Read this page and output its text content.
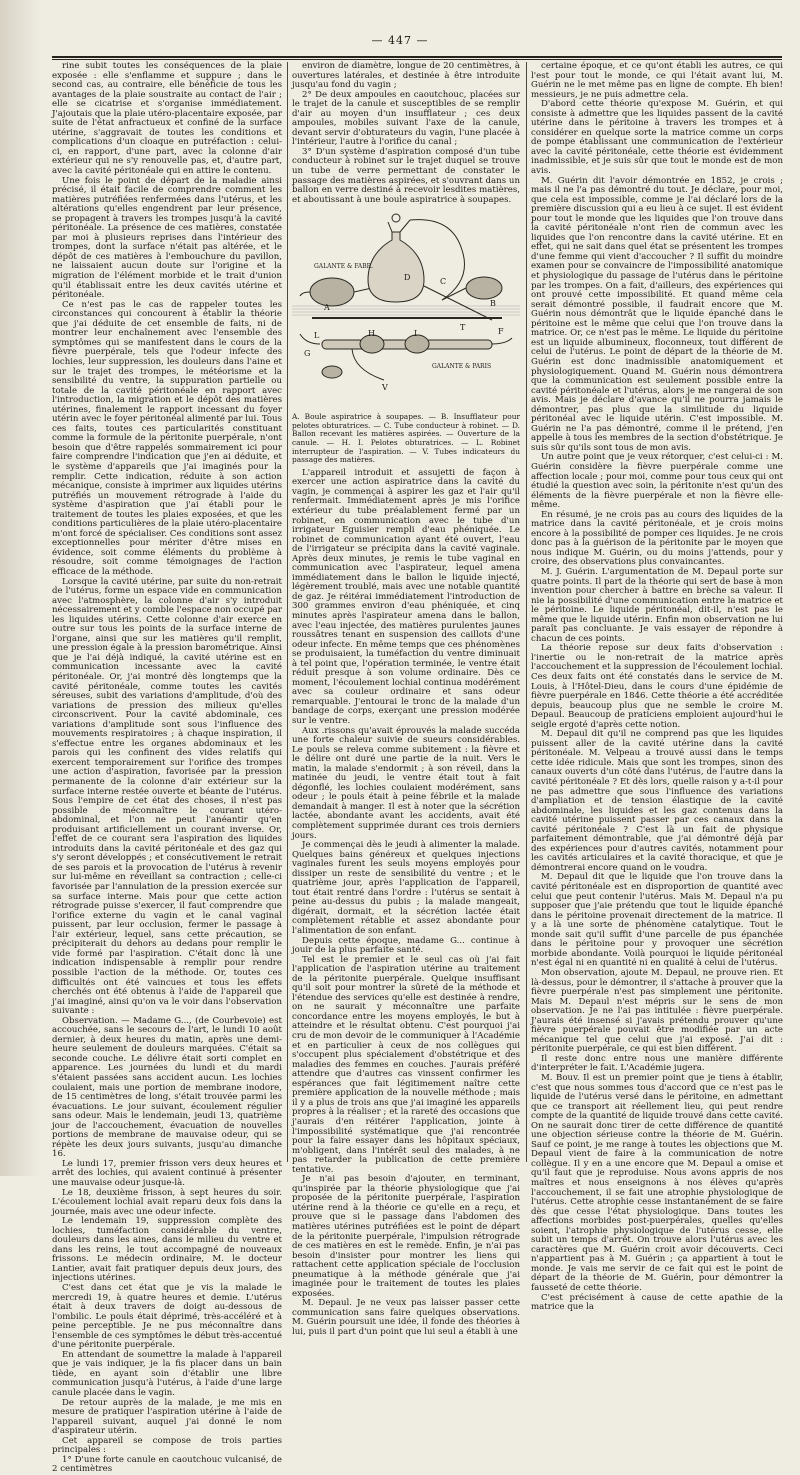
— 447 —

rine subit toutes les conséquences de la plaie exposée : elle s'enflamme et suppure ; dans le second cas, au contraire, elle bénéficie de tous les avantages de la plaie soustraite au contact de l'air ; elle se cicatrise et s'organise immédiatement. J'ajoutais que la plaie utéro-placentaire exposée, par suite de l'état anfractueux et confiné de la surface utérine, s'aggravait de toutes les conditions et complications d'un cloaque en putréfaction : celui-ci, en rapport, d'une part, avec la colonne d'air extérieur qui ne s'y renouvelle pas, et, d'autre part, avec la cavité péritonéale qui en attire le contenu.

Une fois le point de départ de la maladie ainsi précisé, il était facile de comprendre comment les matières putréfiées renfermées dans l'utérus, et les altérations qu'elles engendrent par leur présence, se propagent à travers les trompes jusqu'à la cavité péritonéale. La présence de ces matières, constatée par moi à plusieurs reprises dans l'intérieur des trompes, dont la surface n'était pas altérée, et le dépôt de ces matières à l'embouchure du pavillon, ne laissaient aucun doute sur l'origine et la migration de l'élément morbide et le trait d'union qu'il établissait entre les deux cavités utérine et péritonéale.

Ce n'est pas le cas de rappeler toutes les circonstances qui concourent à établir la théorie que j'ai déduite de cet ensemble de faits, ni de montrer leur enchaînement avec l'ensemble des symptômes qui se manifestent dans le cours de la fièvre puerpérale, tels que l'odeur infecte des lochies, leur suppression, les douleurs dans l'aine et sur le trajet des trompes, le météorisme et la sensibilité du ventre, la suppuration partielle ou totale de la cavité péritonéale en rapport avec l'introduction, la migration et le dépôt des matières utérines, finalement le rapport incessant du foyer utérin avec le foyer péritonéal alimenté par lui. Tous ces faits, toutes ces particularités constituant comme la formule de la péritonite puerpérale, n'ont besoin que d'être rappelés sommairement ici pour faire comprendre l'indication que j'en ai déduite, et le système d'appareils que j'ai imaginés pour la remplir. Cette indication, réduite à son action mécanique, consiste à imprimer aux liquides utérins putréfiés un mouvement rétrograde à l'aide du système d'aspiration que j'ai établi pour le traitement de toutes les plaies exposées, et que les conditions particulières de la plaie utéro-placentaire m'ont forcé de spécialiser. Ces conditions sont assez exceptionnelles pour mériter d'être mises en évidence, soit comme éléments du problème à résoudre, soit comme témoignages de l'action efficace de la méthode.

Lorsque la cavité utérine, par suite du non-retrait de l'utérus, forme un espace vide en communication avec l'atmosphère, la colonne d'air s'y introduit nécessairement et y comble l'espace non occupé par les liquides utérins. Cette colonne d'air exerce en outre sur tous les points de la surface interne de l'organe, ainsi que sur les matières qu'il remplit, une pression égale à la pression barométrique. Ainsi que je l'ai déjà indiqué, la cavité utérine est en communication incessante avec la cavité péritonéale. Or, j'ai montré dès longtemps que la cavité péritonéale, comme toutes les cavités séreuses, subit des variations d'amplitude, d'où des variations de pression des milieux qu'elles circonscrivent. Pour la cavité abdominale, ces variations d'amplitude sont sous l'influence des mouvements respiratoires ; à chaque inspiration, il s'effectue entre les organes abdominaux et les parois qui les confinent des vides relatifs qui exercent temporairement sur l'orifice des trompes une action d'aspiration, favorisée par la pression permanente de la colonne d'air extérieur sur la surface interne restée ouverte et béante de l'utérus. Sous l'empire de cet état des choses, il n'est pas possible de méconnaître le courant utéro-abdominal, et l'on ne peut l'anéantir qu'en produisant artificiellement un courant inverse. Or, l'effet de ce courant sera l'aspiration des liquides introduits dans la cavité péritonéale et des gaz qui s'y seront développés ; et consécutivement le retrait de ses parois et la provocation de l'utérus à revenir sur lui-même en réveillant sa contraction ; celle-ci favorisée par l'annulation de la pression exercée sur sa surface interne. Mais pour que cette action rétrograde puisse s'exercer, il faut comprendre que l'orifice externe du vagin et le canal vaginal puissent, par leur occlusion, fermer le passage à l'air extérieur, lequel, sans cette précaution, se précipiterait du dehors au dedans pour remplir le vide formé par l'aspiration. C'était donc là une indication indispensable à remplir pour rendre possible l'action de la méthode. Or, toutes ces difficultés ont été vaincues et tous les effets cherchés ont été obtenus à l'aide de l'appareil que j'ai imaginé, ainsi qu'on va le voir dans l'observation suivante :

Observation. — Madame G..., (de Courbevoie) est accouchée, sans le secours de l'art, le lundi 10 août dernier, à deux heures du matin, après une demi-heure seulement de douleurs marquées. C'était sa seconde couche. Le délivre était sorti complet en apparence. Les journées du lundi et du mardi s'étaient passées sans accident aucun. Les lochies coulaient, mais une portion de membrane inodore, de 15 centimètres de long, s'était trouvée parmi les évacuations. Le jour suivant, écoulement régulier sans odeur. Mais le lendemain, jeudi 13, quatrième jour de l'accouchement, évacuation de nouvelles portions de membrane de mauvaise odeur, qui se répète les deux jours suivants, jusqu'au dimanche 16.

Le lundi 17, premier frisson vers deux heures et arrêt des lochies, qui avaient continué à présenter une mauvaise odeur jusque-là.

Le 18, deuxième frisson, à sept heures du soir. L'écoulement lochial avait reparu deux fois dans la journée, mais avec une odeur infecte.

Le lendemain 19, suppression complète des lochies, tuméfaction considérable du ventre, douleurs dans les aines, dans le milieu du ventre et dans les reins, le tout accompagné de nouveaux frissons. Le médecin ordinaire, M. le docteur Lantier, avait fait pratiquer depuis deux jours, des injections utérines.

C'est dans cet état que je vis la malade le mercredi 19, à quatre heures et demie. L'utérus était à deux travers de doigt au-dessous de l'ombilic. Le pouls était déprimé, très-accéléré et à peine perceptible. Je ne pus méconnaître dans l'ensemble de ces symptômes le début très-accentué d'une péritonite puerpérale.

En attendant de soumettre la malade à l'appareil que je vais indiquer, je la fis placer dans un bain tiède, en ayant soin d'établir une libre communication jusqu'à l'utérus, à l'aide d'une large canule placée dans le vagin.

De retour auprès de la malade, je me mis en mesure de pratiquer l'aspiration utérine à l'aide de l'appareil suivant, auquel j'ai donné le nom d'aspirateur utérin.

Cet appareil se compose de trois parties principales :

1° D'une forte canule en caoutchouc vulcanisé, de 2 centimètres

environ de diamètre, longue de 20 centimètres, à ouvertures latérales, et destinée à être introduite jusqu'au fond du vagin ;

2° De deux ampoules en caoutchouc, placées sur le trajet de la canule et susceptibles de se remplir d'air au moyen d'un insufflateur ; ces deux ampoules, mobiles suivant l'axe de la canule, devant servir d'obturateurs du vagin, l'une placée à l'intérieur, l'autre à l'orifice du canal ;

3° D'un système d'aspiration composé d'un tube conducteur à robinet sur le trajet duquel se trouve un tube de verre permettant de constater le passage des matières aspirées, et s'ouvrant dans un ballon en verre destiné à recevoir lesdites matières, et aboutissant à une boule aspiratrice à soupapes.

GALANTE & FABR.
GALANTE & PARIS
A	B
C
D
H	I
L	F
G
V
T

A. Boule aspiratrice à soupapes. — B. Insufflateur pour pelotes obturatrices. — C. Tube conducteur à robinet. — D. Ballon recevant les matières aspirées. — Ouverture de la canule. — H. I. Pelotes obturatrices. — L. Robinet interrupteur de l'aspiration. — V. Tubes indicateurs du passage des matières.

L'appareil introduit et assujetti de façon à exercer une action aspiratrice dans la cavité du vagin, je commençai à aspirer les gaz et l'air qu'il renfermait. Immédiatement après je mis l'orifice extérieur du tube préalablement fermé par un robinet, en communication avec le tube d'un irrigateur Eguisier rempli d'eau phéniquée. Le robinet de communication ayant été ouvert, l'eau de l'irrigateur se précipita dans la cavité vaginale. Après deux minutes, je remis le tube vaginal en communication avec l'aspirateur, lequel amena immédiatement dans le ballon le liquide injecté, légèrement troublé, mais avec une notable quantité de gaz. Je réitérai immédiatement l'introduction de 300 grammes environ d'eau phéniquée, et cinq minutes après l'aspirateur amena dans le ballon, avec l'eau injectée, des matières purulentes jaunes roussâtres tenant en suspension des caillots d'une odeur infecte. En même temps que ces phénomènes se produisaient, la tuméfaction du ventre diminuait à tel point que, l'opération terminée, le ventre était réduit presque à son volume ordinaire. Dès ce moment, l'écoulement lochial continua modérément avec sa couleur ordinaire et sans odeur remarquable. J'entourai le tronc de la malade d'un bandage de corps, exerçant une pression modérée sur le ventre.

Aux .rissons qu'avait éprouvés la malade succéda une forte chaleur suivie de sueurs considérables. Le pouls se releva comme subitement : la fièvre et le délire ont duré une partie de la nuit. Vers le matin, la malade s'endormit ; à son réveil, dans la matinée du jeudi, le ventre était tout à fait dégonflé, les lochies coulaient modérément, sans odeur ; le pouls était à peine fébrile et la malade demandait à manger. Il est à noter que la sécrétion lactée, abondante avant les accidents, avait été complètement supprimée durant ces trois derniers jours.

Je commençai dès le jeudi à alimenter la malade. Quelques bains généreux et quelques injections vaginales furent les seuls moyens employés pour dissiper un reste de sensibilité du ventre ; et le quatrième jour, après l'application de l'appareil, tout était rentré dans l'ordre : l'utérus se sentait à peine au-dessus du pubis ; la malade mangeait, digérait, dormait, et la sécrétion lactée était complètement rétablie et assez abondante pour l'alimentation de son enfant.

Depuis cette époque, madame G... continue à jouir de la plus parfaite santé.

Tel est le premier et le seul cas où j'ai fait l'application de l'aspiration utérine au traitement de la péritonite puerpérale. Quelque insuffisant qu'il soit pour montrer la sûreté de la méthode et l'étendue des services qu'elle est destinée à rendre, on ne saurait y méconnaître une parfaite concordance entre les moyens employés, le but à atteindre et le résultat obtenu. C'est pourquoi j'ai cru de mon devoir de le communiquer à l'Académie et en particulier à ceux de nos collègues qui s'occupent plus spécialement d'obstétrique et des maladies des femmes en couches. J'aurais préféré attendre que d'autres cas vinssent confirmer les espérances que fait légitimement naître cette première application de la nouvelle méthode ; mais il y a plus de trois ans que j'ai imaginé les appareils propres à la réaliser ; et la rareté des occasions que j'aurais d'en réitérer l'application, jointe à l'impossibilité systématique que j'ai rencontrée pour la faire essayer dans les hôpitaux spéciaux, m'obligent, dans l'intérêt seul des malades, à ne pas retarder la publication de cette première tentative.

Je n'ai pas besoin d'ajouter, en terminant, qu'inspirée par la théorie physiologique que j'ai proposée de la péritonite puerpérale, l'aspiration utérine rend à la théorie ce qu'elle en a reçu, et prouve que si le passage dans l'abdomen des matières utérines putréfiées est le point de départ de la péritonite puerpérale, l'impulsion rétrograde de ces matières en est le remède. Enfin, je n'ai pas besoin d'insister pour montrer les liens qui rattachent cette application spéciale de l'occlusion pneumatique à la méthode générale que j'ai imaginée pour le traitement de toutes les plaies exposées.

M. Depaul. Je ne veux pas laisser passer cette communication sans faire quelques observations. M. Guérin poursuit une idée, il fonde des théories à lui, puis il part d'un point que lui seul a établi à une

certaine époque, et ce qu'ont établi les autres, ce qui l'est pour tout le monde, ce qui l'était avant lui, M. Guérin ne le met même pas en ligne de compte. Eh bien! messieurs, je ne puis admettre cela.

D'abord cette théorie qu'expose M. Guérin, et qui consiste à admettre que les liquides passent de la cavité utérine dans le péritoine à travers les trompes et à considérer en quelque sorte la matrice comme un corps de pompe établissant une communication de l'extérieur avec la cavité péritonéale, cette théorie est évidemment inadmissible, et je suis sûr que tout le monde est de mon avis.

M. Guérin dit l'avoir démontrée en 1852, je crois ; mais il ne l'a pas démontré du tout. Je déclare, pour moi, que cela est impossible, comme je l'ai déclaré lors de la première discussion qui a eu lieu à ce sujet. Il est évident pour tout le monde que les liquides que l'on trouve dans la cavité péritonéale n'ont rien de commun avec les liquides que l'on rencontre dans la cavité utérine. Et en effet, qui ne sait dans quel état se présentent les trompes d'une femme qui vient d'accoucher ? Il suffit du moindre examen pour se convaincre de l'impossibilité anatomique et physiologique du passage de l'utérus dans le péritoine par les trompes. On a fait, d'ailleurs, des expériences qui ont prouvé cette impossibilité. Et quand même cela serait démontré possible, il faudrait encore que M. Guérin nous démontrât que le liquide épanché dans le péritoine est le même que celui que l'on trouve dans la matrice. Or, ce n'est pas le même. Le liquide du péritoine est un liquide albumineux, floconneux, tout différent de celui de l'utérus. Le point de départ de la théorie de M. Guérin est donc inadmissible anatomiquement et physiologiquement. Quand M. Guérin nous démontrera que la communication est seulement possible entre la cavité péritonéale et l'utérus, alors je me rangerai de son avis. Mais je déclare d'avance qu'il ne pourra jamais le démontrer, pas plus que la similitude du liquide péritonéal avec le liquide utérin. C'est impossible. M. Guérin ne l'a pas démontré, comme il le prétend, j'en appelle à tous les membres de la section d'obstétrique. Je suis sûr qu'ils sont tous de mon avis.

Un autre point que je veux rétorquer, c'est celui-ci : M. Guérin considère la fièvre puerpérale comme une affection locale ; pour moi, comme pour tous ceux qui ont étudié la question avec soin, la péritonite n'est qu'un des éléments de la fièvre puerpérale et non la fièvre elle-même.

En résumé, je ne crois pas au cours des liquides de la matrice dans la cavité péritonéale, et je crois moins encore à la possibilité de pomper ces liquides. Je ne crois donc pas à la guérison de la péritonite par le moyen que nous indique M. Guérin, ou du moins j'attends, pour y croire, des observations plus convaincantes.

M. J. Guérin. L'argumentation de M. Depaul porte sur quatre points. Il part de la théorie qui sert de base à mon invention pour chercher à battre en brèche sa valeur. Il nie la possibilité d'une communication entre la matrice et le péritoine. Le liquide péritonéal, dit-il, n'est pas le même que le liquide utérin. Enfin mon observation ne lui paraît pas concluante. Je vais essayer de répondre à chacun de ces points.

La théorie repose sur deux faits d'observation : l'inertie ou le non-retrait de la matrice après l'accouchement et la suppression de l'écoulement lochial. Ces deux faits ont été constatés dans le service de M. Louis, à l'Hôtel-Dieu, dans le cours d'une épidémie de fièvre puerpérale en 1846. Cette théorie a été accréditée depuis, beaucoup plus que ne semble le croire M. Depaul. Beaucoup de praticiens emploient aujourd'hui le seigle ergoté d'après cette notion.

M. Depaul dit qu'il ne comprend pas que les liquides puissent aller de la cavité utérine dans la cavité péritonéale. M. Velpeau a trouvé aussi dans le temps cette idée ridicule. Mais que sont les trompes, sinon des canaux ouverts d'un côté dans l'utérus, de l'autre dans la cavité péritonéale ? Et dès lors, quelle raison y a-t-il pour ne pas admettre que sous l'influence des variations d'ampliation et de tension élastique de la cavité abdominale, les liquides et les gaz contenus dans la cavité utérine puissent passer par ces canaux dans la cavité péritonéale ? C'est là un fait de physique parfaitement démontrable, que j'ai démontré déjà par des expériences pour d'autres cavités, notamment pour les cavités articulaires et la cavité thoracique, et que je démontrerai encore quand on le voudra.

M. Depaul dit que le liquide que l'on trouve dans la cavité péritonéale est en disproportion de quantité avec celui que peut contenir l'utérus. Mais M. Depaul n'a pu supposer que j'aie prétendu que tout le liquide épanché dans le péritoine provenait directement de la matrice. Il y a là une sorte de phénomène catalytique. Tout le monde sait qu'il suffit d'une parcelle de pus épanchée dans le péritoine pour y provoquer une sécrétion morbide abondante. Voilà pourquoi le liquide péritonéal n'est égal ni en quantité ni en qualité à celui de l'utérus.

Mon observation, ajoute M. Depaul, ne prouve rien. Et là-dessus, pour le démontrer, il s'attache à prouver que la fièvre puerpérale n'est pas simplement une péritonite. Mais M. Depaul n'est mépris sur le sens de mon observation. Je ne l'ai pas intitulée : fièvre puerpérale. J'aurais été insensé si j'avais prétendu prouver qu'une fièvre puerpérale pouvait être modifiée par un acte mécanique tel que celui que j'ai exposé. J'ai dit : péritonite puerpérale, ce qui est bien différent.

Il reste donc entre nous une manière différente d'interpréter le fait. L'Académie jugera.

M. Bouv. Il est un premier point que je tiens à établir, c'est que nous sommes tous d'accord que ce n'est pas le liquide de l'utérus versé dans le péritoine, en admettant que ce transport ait réellement lieu, qui peut rendre compte de la quantité de liquide trouvé dans cette cavité. On ne saurait donc tirer de cette différence de quantité une objection sérieuse contre la théorie de M. Guérin. Sauf ce point, je me range à toutes les objections que M. Depaul vient de faire à la communication de notre collègue. Il y en a une encore que M. Depaul a omise et qu'il faut que je reproduise. Nous avons appris de nos maîtres et nous enseignons à nos élèves qu'après l'accouchement, il se fait une atrophie physiologique de l'utérus. Cette atrophie cesse instantanément de se faire dès que cesse l'état physiologique. Dans toutes les affections morbides post-puerpérales, quelles qu'elles soient, l'atrophie physiologique de l'utérus cesse, elle subit un temps d'arrêt. On trouve alors l'utérus avec les caractères que M. Guérin croit avoir découverts. Ceci n'appartient pas à M. Guérin ; ça appartient à tout le monde. Je vais me servir de ce fait qui est le point de départ de la théorie de M. Guérin, pour démontrer la fausseté de cette théorie.

C'est précisément à cause de cette apathie de la matrice que la
